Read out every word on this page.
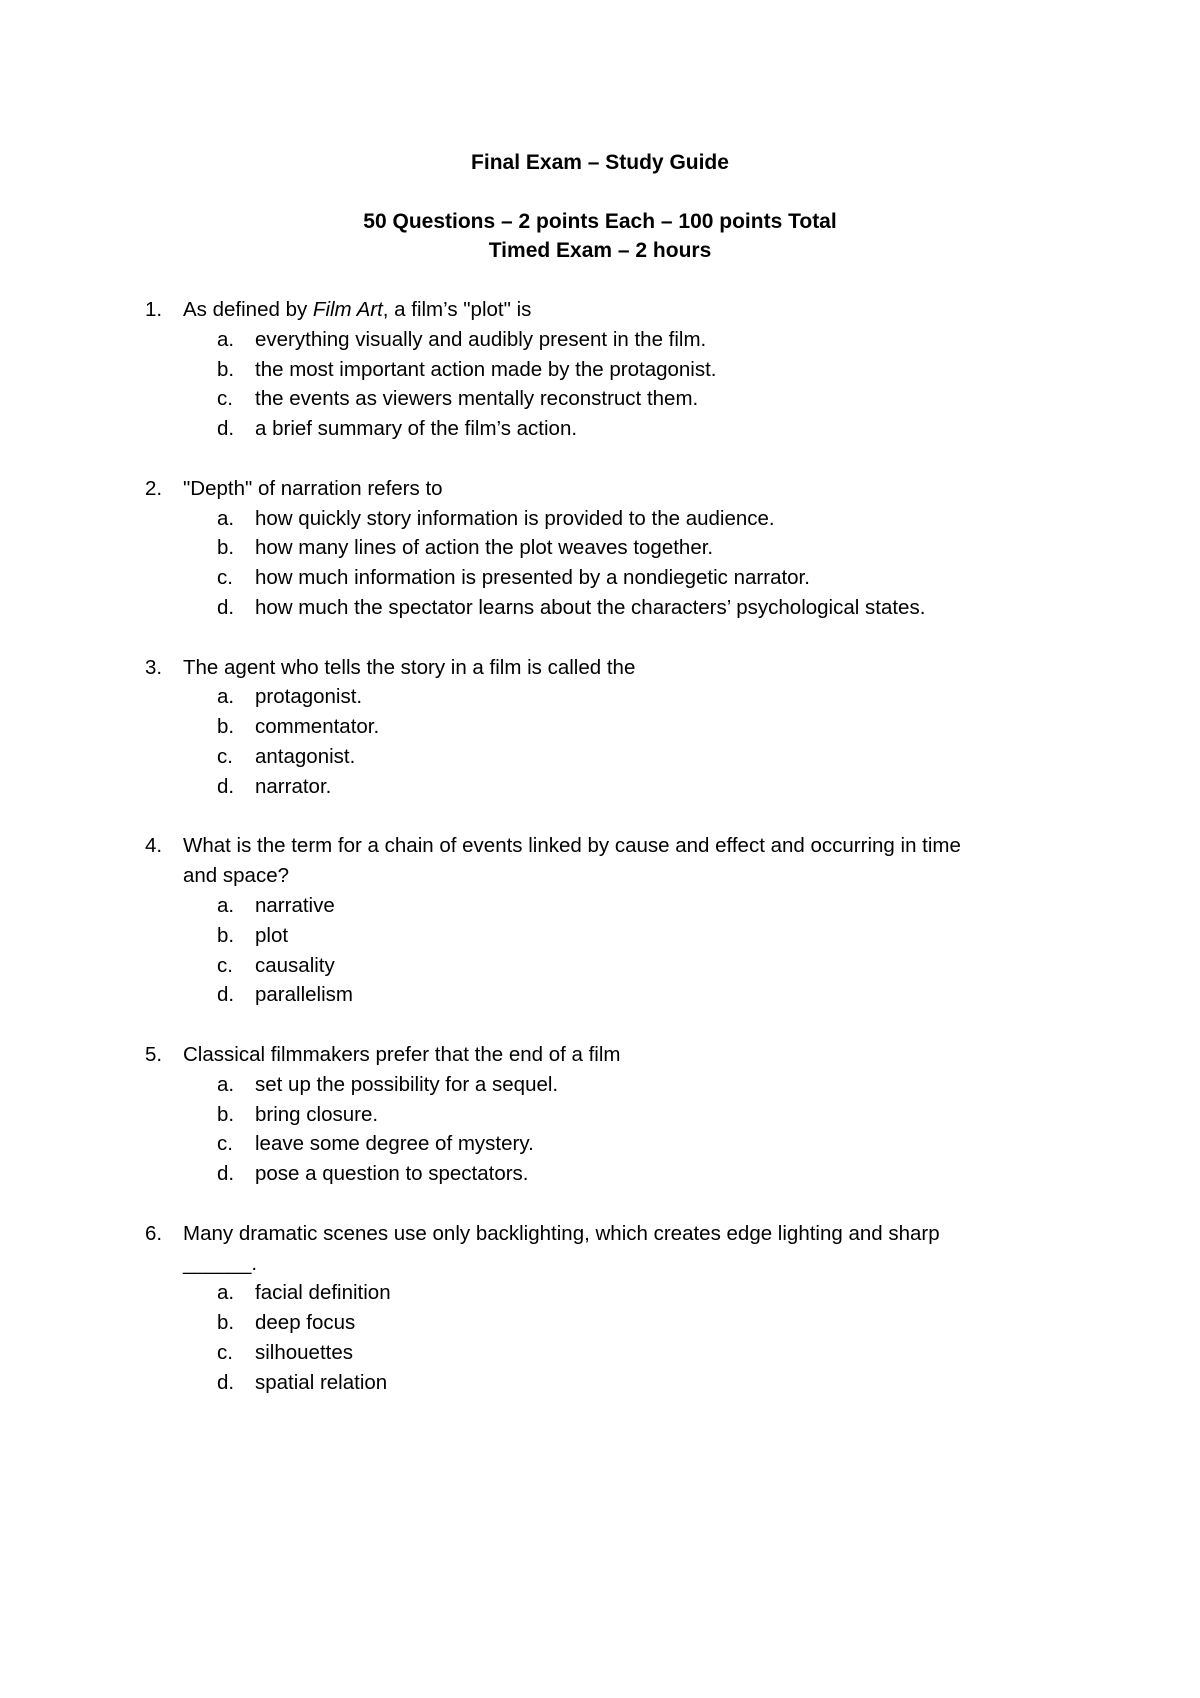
Final Exam – Study Guide
50 Questions – 2 points Each – 100 points Total
Timed Exam – 2 hours
1. As defined by Film Art, a film’s "plot" is
a. everything visually and audibly present in the film.
b. the most important action made by the protagonist.
c. the events as viewers mentally reconstruct them.
d. a brief summary of the film’s action.
2. "Depth" of narration refers to
a. how quickly story information is provided to the audience.
b. how many lines of action the plot weaves together.
c. how much information is presented by a nondiegetic narrator.
d. how much the spectator learns about the characters’ psychological states.
3. The agent who tells the story in a film is called the
a. protagonist.
b. commentator.
c. antagonist.
d. narrator.
4. What is the term for a chain of events linked by cause and effect and occurring in time
and space?
a. narrative
b. plot
c. causality
d. parallelism
5. Classical filmmakers prefer that the end of a film
a. set up the possibility for a sequel.
b. bring closure.
c. leave some degree of mystery.
d. pose a question to spectators.
6. Many dramatic scenes use only backlighting, which creates edge lighting and sharp
______.
a. facial definition
b. deep focus
c. silhouettes
d. spatial relation
